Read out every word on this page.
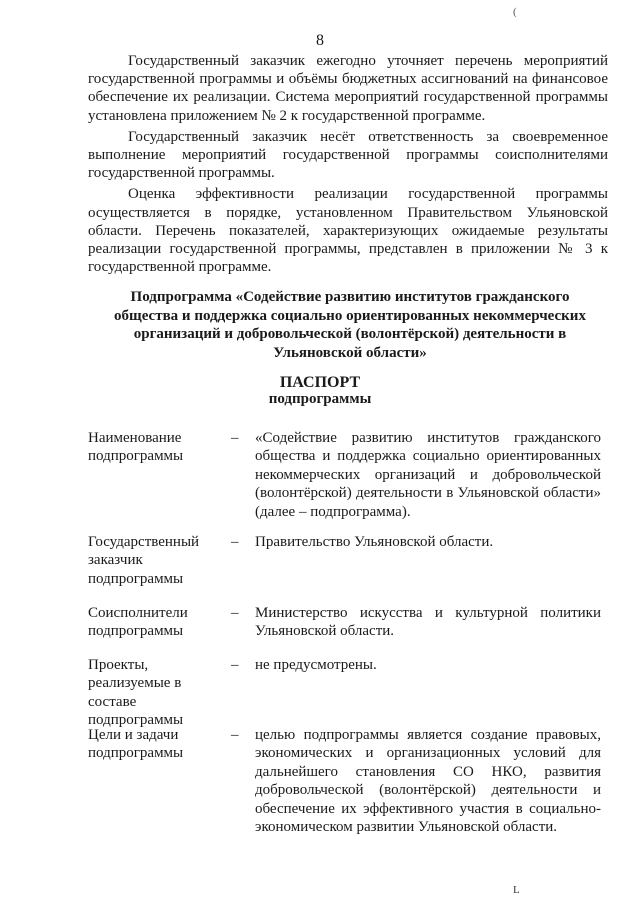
(
8

Государственный заказчик ежегодно уточняет перечень мероприятий государственной программы и объёмы бюджетных ассигнований на финансовое обеспечение их реализации. Система мероприятий государственной программы установлена приложением № 2 к государственной программе.

Государственный заказчик несёт ответственность за своевременное выполнение мероприятий государственной программы соисполнителями государственной программы.

Оценка эффективности реализации государственной программы осуществляется в порядке, установленном Правительством Ульяновской области. Перечень показателей, характеризующих ожидаемые результаты реализации государственной программы, представлен в приложении № 3 к государственной программе.

Подпрограмма «Содействие развитию институтов гражданского общества и поддержка социально ориентированных некоммерческих организаций и добровольческой (волонтёрской) деятельности в Ульяновской области»
ПАСПОРТ
подпрограммы
Наименование подпрограммы
– «Содействие развитию институтов гражданского общества и поддержка социально ориентированных некоммерческих организаций и добровольческой (волонтёрской) деятельности в Ульяновской области» (далее – подпрограмма).
Государственный заказчик подпрограммы
– Правительство Ульяновской области.
Соисполнители подпрограммы
– Министерство искусства и культурной политики Ульяновской области.
Проекты, реализуемые в составе подпрограммы
– не предусмотрены.
Цели и задачи подпрограммы
– целью подпрограммы является создание правовых, экономических и организационных условий для дальнейшего становления СО НКО, развития добровольческой (волонтёрской) деятельности и обеспечение их эффективного участия в социально-экономическом развитии Ульяновской области.
L
